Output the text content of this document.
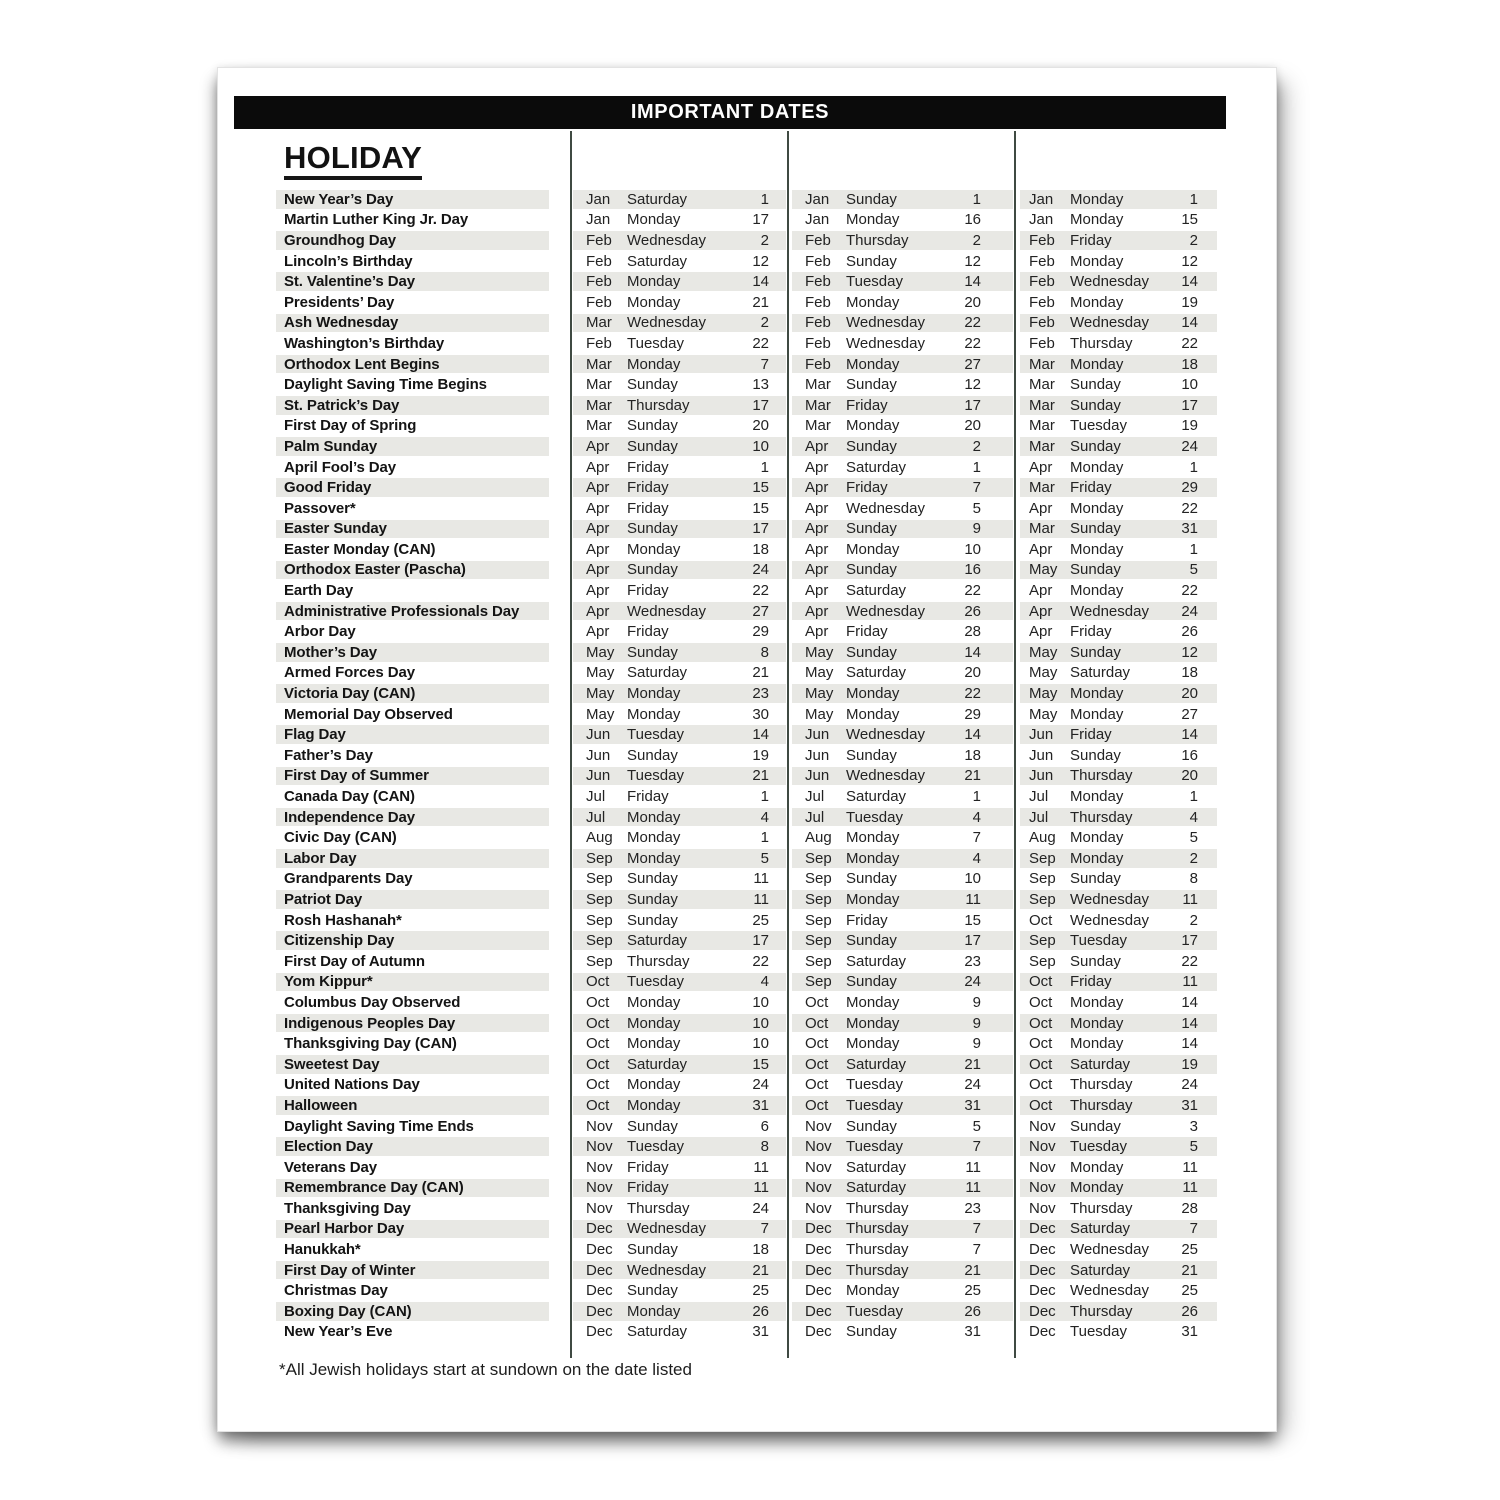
IMPORTANT DATES
HOLIDAY
New Year’s Day	Jan	Saturday	1	Jan	Sunday	1	Jan	Monday	1
Martin Luther King Jr. Day	Jan	Monday	17	Jan	Monday	16	Jan	Monday	15
Groundhog Day	Feb	Wednesday	2	Feb	Thursday	2	Feb	Friday	2
Lincoln’s Birthday	Feb	Saturday	12	Feb	Sunday	12	Feb	Monday	12
St. Valentine’s Day	Feb	Monday	14	Feb	Tuesday	14	Feb	Wednesday	14
Presidents’ Day	Feb	Monday	21	Feb	Monday	20	Feb	Monday	19
Ash Wednesday	Mar	Wednesday	2	Feb	Wednesday	22	Feb	Wednesday	14
Washington’s Birthday	Feb	Tuesday	22	Feb	Wednesday	22	Feb	Thursday	22
Orthodox Lent Begins	Mar	Monday	7	Feb	Monday	27	Mar	Monday	18
Daylight Saving Time Begins	Mar	Sunday	13	Mar	Sunday	12	Mar	Sunday	10
St. Patrick’s Day	Mar	Thursday	17	Mar	Friday	17	Mar	Sunday	17
First Day of Spring	Mar	Sunday	20	Mar	Monday	20	Mar	Tuesday	19
Palm Sunday	Apr	Sunday	10	Apr	Sunday	2	Mar	Sunday	24
April Fool’s Day	Apr	Friday	1	Apr	Saturday	1	Apr	Monday	1
Good Friday	Apr	Friday	15	Apr	Friday	7	Mar	Friday	29
Passover*	Apr	Friday	15	Apr	Wednesday	5	Apr	Monday	22
Easter Sunday	Apr	Sunday	17	Apr	Sunday	9	Mar	Sunday	31
Easter Monday (CAN)	Apr	Monday	18	Apr	Monday	10	Apr	Monday	1
Orthodox Easter (Pascha)	Apr	Sunday	24	Apr	Sunday	16	May Sunday	5
Earth Day	Apr	Friday	22	Apr	Saturday	22	Apr	Monday	22
Administrative Professionals Day	Apr	Wednesday	27	Apr	Wednesday	26	Apr	Wednesday	24
Arbor Day	Apr	Friday	29	Apr	Friday	28	Apr	Friday	26
Mother’s Day	May Sunday	8	May Sunday	14	May Sunday	12
Armed Forces Day	May Saturday	21	May Saturday	20	May Saturday	18
Victoria Day (CAN)	May Monday	23	May Monday	22	May Monday	20
Memorial Day Observed	May Monday	30	May Monday	29	May Monday	27
Flag Day	Jun	Tuesday	14	Jun	Wednesday	14	Jun	Friday	14
Father’s Day	Jun	Sunday	19	Jun	Sunday	18	Jun	Sunday	16
First Day of Summer	Jun	Tuesday	21	Jun	Wednesday	21	Jun	Thursday	20
Canada Day (CAN)	Jul	Friday	1	Jul	Saturday	1	Jul	Monday	1
Independence Day	Jul	Monday	4	Jul	Tuesday	4	Jul	Thursday	4
Civic Day (CAN)	Aug Monday	1	Aug Monday	7	Aug Monday	5
Labor Day	Sep Monday	5	Sep Monday	4	Sep Monday	2
Grandparents Day	Sep Sunday	11	Sep Sunday	10	Sep Sunday	8
Patriot Day	Sep Sunday	11	Sep Monday	11	Sep Wednesday	11
Rosh Hashanah*	Sep Sunday	25	Sep Friday	15	Oct	Wednesday	2
Citizenship Day	Sep Saturday	17	Sep Sunday	17	Sep Tuesday	17
First Day of Autumn	Sep Thursday	22	Sep Saturday	23	Sep Sunday	22
Yom Kippur*	Oct	Tuesday	4	Sep Sunday	24	Oct	Friday	11
Columbus Day Observed	Oct	Monday	10	Oct	Monday	9	Oct	Monday	14
Indigenous Peoples Day	Oct	Monday	10	Oct	Monday	9	Oct	Monday	14
Thanksgiving Day (CAN)	Oct	Monday	10	Oct	Monday	9	Oct	Monday	14
Sweetest Day	Oct	Saturday	15	Oct	Saturday	21	Oct	Saturday	19
United Nations Day	Oct	Monday	24	Oct	Tuesday	24	Oct	Thursday	24
Halloween	Oct	Monday	31	Oct	Tuesday	31	Oct	Thursday	31
Daylight Saving Time Ends	Nov Sunday	6	Nov Sunday	5	Nov Sunday	3
Election Day	Nov Tuesday	8	Nov Tuesday	7	Nov Tuesday	5
Veterans Day	Nov Friday	11	Nov Saturday	11	Nov Monday	11
Remembrance Day (CAN)	Nov Friday	11	Nov Saturday	11	Nov Monday	11
Thanksgiving Day	Nov Thursday	24	Nov Thursday	23	Nov Thursday	28
Pearl Harbor Day	Dec Wednesday	7	Dec Thursday	7	Dec Saturday	7
Hanukkah*	Dec Sunday	18	Dec Thursday	7	Dec Wednesday	25
First Day of Winter	Dec Wednesday	21	Dec Thursday	21	Dec Saturday	21
Christmas Day	Dec Sunday	25	Dec Monday	25	Dec Wednesday	25
Boxing Day (CAN)	Dec Monday	26	Dec Tuesday	26	Dec Thursday	26
New Year’s Eve	Dec Saturday	31	Dec Sunday	31	Dec Tuesday	31
*All Jewish holidays start at sundown on the date listed
